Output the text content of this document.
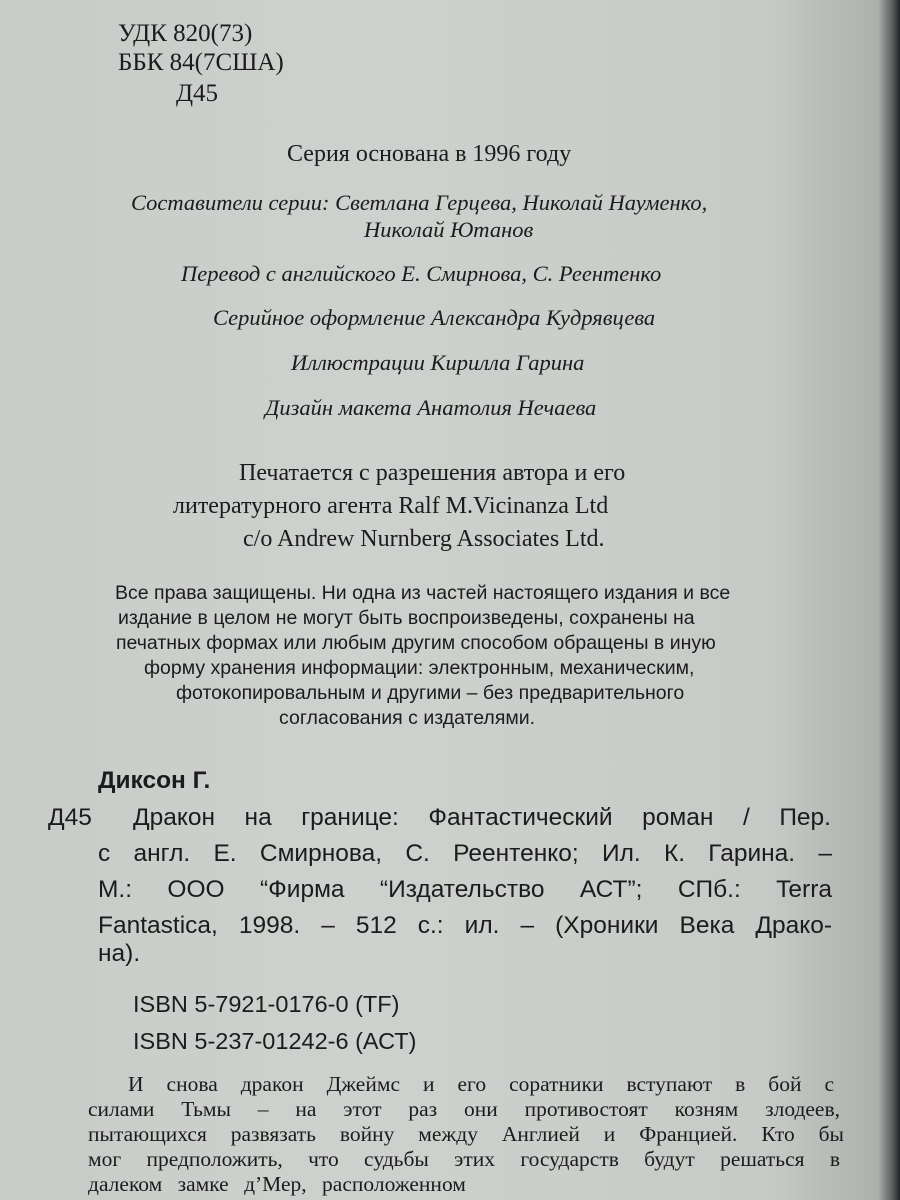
УДК 820(73)

ББК 84(7США)

Д45

Серия основана в 1996 году

Составители серии: Светлана Герцева, Николай Науменко,

Николай Ютанов

Перевод с английского Е. Смирнова, С. Реентенко

Серийное оформление Александра Кудрявцева

Иллюстрации Кирилла Гарина

Дизайн макета Анатолия Нечаева

Печатается с разрешения автора и его

литературного агента Ralf M.Vicinanza Ltd

c/o Andrew Nurnberg Associates Ltd.

Все права защищены. Ни одна из частей настоящего издания и все

издание в целом не могут быть воспроизведены, сохранены на

печатных формах или любым другим способом обращены в иную

форму хранения информации: электронным, механическим,

фотокопировальным и другими – без предварительного

согласования с издателями.

Диксон Г.

Д45 Дракон на границе: Фантастический роман / Пер.

с англ. Е. Смирнова, С. Реентенко; Ил. К. Гарина. –

М.: ООО “Фирма “Издательство АСТ”; СПб.: Terra

Fantastica, 1998. – 512 с.: ил. – (Хроники Века Драко-

на).

ISBN 5-7921-0176-0 (TF)

ISBN 5-237-01242-6 (АСТ)

И снова дракон Джеймс и его соратники вступают в бой с

силами Тьмы – на этот раз они противостоят козням злодеев,

пытающихся развязать войну между Англией и Францией. Кто бы

мог предположить, что судьбы этих государств будут решаться в

далеком замке д’Мер, расположенном
